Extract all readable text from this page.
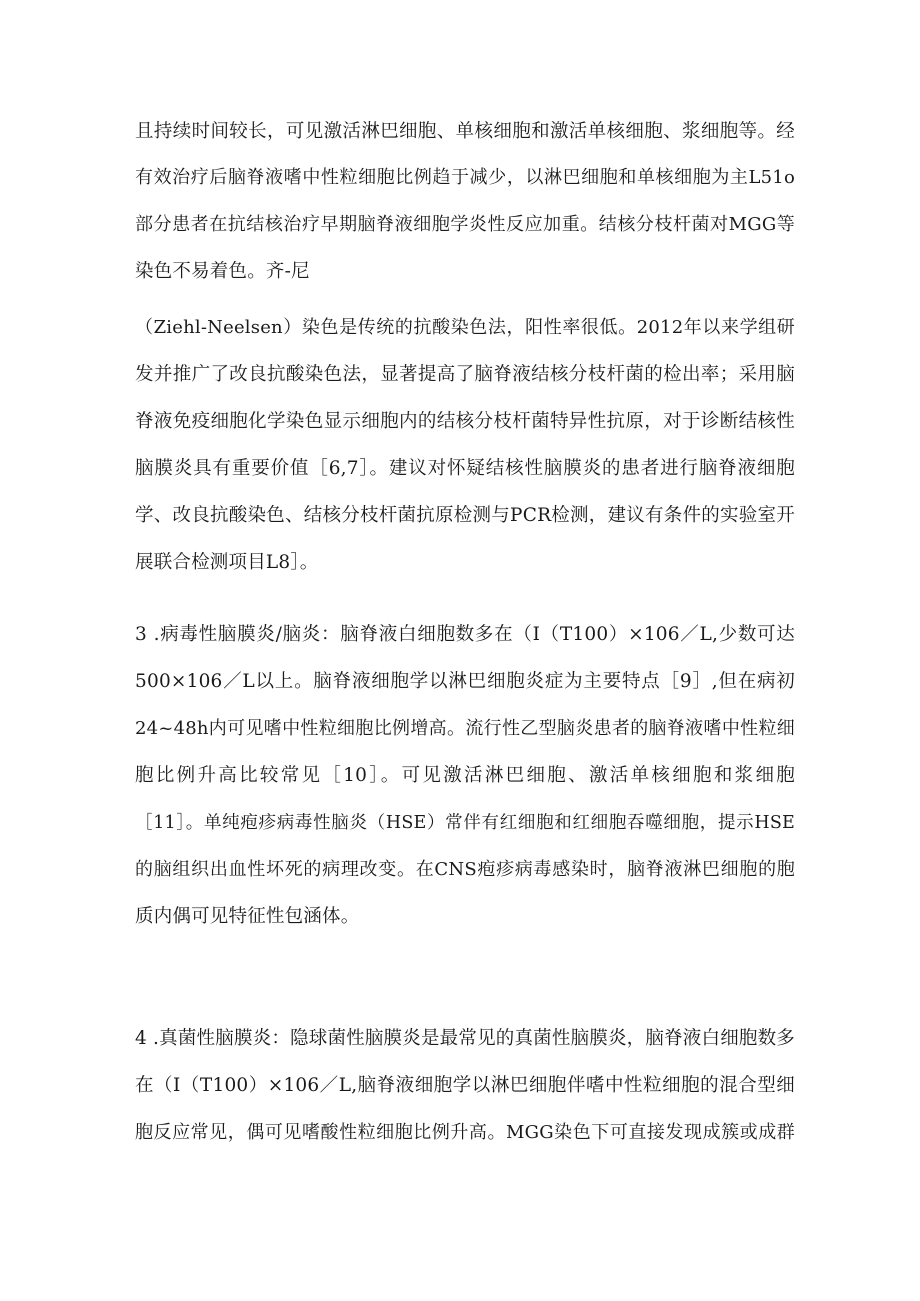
且持续时间较长，可见激活淋巴细胞、单核细胞和激活单核细胞、浆细胞等。经
有效治疗后脑脊液嗜中性粒细胞比例趋于减少，以淋巴细胞和单核细胞为主L51o
部分患者在抗结核治疗早期脑脊液细胞学炎性反应加重。结核分枝杆菌对MGG等
染色不易着色。齐-尼
（Ziehl-Neelsen）染色是传统的抗酸染色法，阳性率很低。2012年以来学组研
发并推广了改良抗酸染色法，显著提高了脑脊液结核分枝杆菌的检出率；采用脑
脊液免疫细胞化学染色显示细胞内的结核分枝杆菌特异性抗原，对于诊断结核性
脑膜炎具有重要价值［6,7］。建议对怀疑结核性脑膜炎的患者进行脑脊液细胞
学、改良抗酸染色、结核分枝杆菌抗原检测与PCR检测，建议有条件的实验室开
展联合检测项目L8］。
3 .病毒性脑膜炎/脑炎：脑脊液白细胞数多在（I（T100）×106／L,少数可达
500×106／L以上。脑脊液细胞学以淋巴细胞炎症为主要特点［9］,但在病初
24~48h内可见嗜中性粒细胞比例增高。流行性乙型脑炎患者的脑脊液嗜中性粒细
胞比例升高比较常见［10］。可见激活淋巴细胞、激活单核细胞和浆细胞
［11］。单纯疱疹病毒性脑炎（HSE）常伴有红细胞和红细胞吞噬细胞，提示HSE
的脑组织出血性坏死的病理改变。在CNS疱疹病毒感染时，脑脊液淋巴细胞的胞
质内偶可见特征性包涵体。
4 .真菌性脑膜炎：隐球菌性脑膜炎是最常见的真菌性脑膜炎，脑脊液白细胞数多
在（I（T100）×106／L,脑脊液细胞学以淋巴细胞伴嗜中性粒细胞的混合型细
胞反应常见，偶可见嗜酸性粒细胞比例升高。MGG染色下可直接发现成簇或成群
